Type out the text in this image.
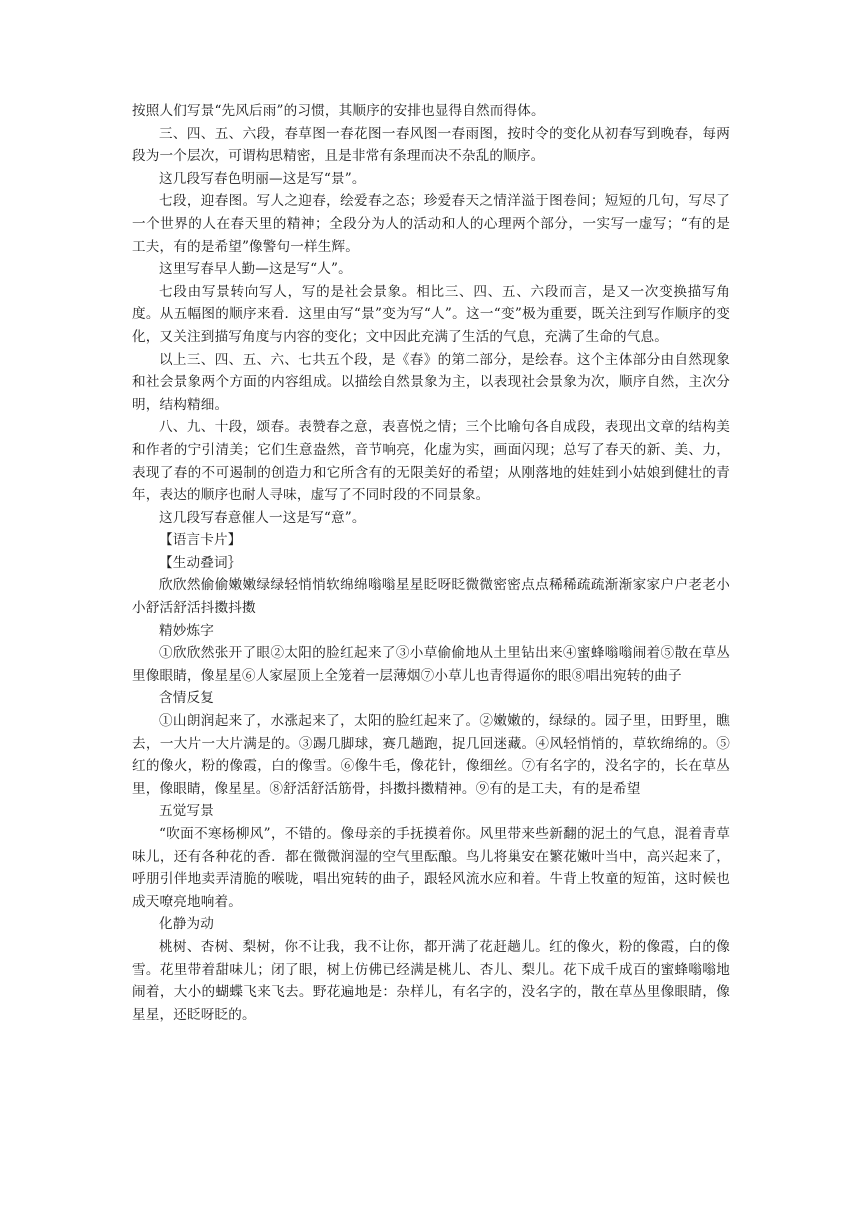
按照人们写景“先风后雨”的习惯，其顺序的安排也显得自然而得体。

三、四、五、六段，春草图一春花图一春风图一春雨图，按时令的变化从初春写到晚春，每两段为一个层次，可谓构思精密，且是非常有条理而决不杂乱的顺序。

这几段写春色明丽—这是写“景”。

七段，迎春图。写人之迎春，绘爱春之态；珍爱春天之情洋溢于图卷间；短短的几句，写尽了一个世界的人在春天里的精神；全段分为人的活动和人的心理两个部分，一实写一虚写；“有的是工夫，有的是希望”像警句一样生辉。

这里写春早人勤—这是写“人”。

七段由写景转向写人，写的是社会景象。相比三、四、五、六段而言，是又一次变换描写角度。从五幅图的顺序来看．这里由写“景”变为写“人”。这一“变”极为重要，既关注到写作顺序的变化，又关注到描写角度与内容的变化；文中因此充满了生活的气息，充满了生命的气息。

以上三、四、五、六、七共五个段，是《春》的第二部分，是绘春。这个主体部分由自然现象和社会景象两个方面的内容组成。以描绘自然景象为主，以表现社会景象为次，顺序自然，主次分明，结构精细。

八、九、十段，颂春。表赞春之意，表喜悦之情；三个比喻句各自成段，表现出文章的结构美和作者的宁引清美；它们生意盎然，音节响亮，化虚为实，画面闪现；总写了春天的新、美、力，表现了春的不可遏制的创造力和它所含有的无限美好的希望；从刚落地的娃娃到小姑娘到健壮的青年，表达的顺序也耐人寻味，虚写了不同时段的不同景象。

这几段写春意催人一这是写“意”。

【语言卡片】

【生动叠词｝

欣欣然偷偷嫩嫩绿绿轻悄悄软绵绵嗡嗡星星眨呀眨微微密密点点稀稀疏疏渐渐家家户户老老小小舒活舒活抖擞抖擞

精妙炼字

①欣欣然张开了眼②太阳的脸红起来了③小草偷偷地从土里钻出来④蜜蜂嗡嗡闹着⑤散在草丛里像眼睛，像星星⑥人家屋顶上全笼着一层薄烟⑦小草儿也青得逼你的眼⑧唱出宛转的曲子

含情反复

①山朗润起来了，水涨起来了，太阳的脸红起来了。②嫩嫩的，绿绿的。园子里，田野里，瞧去，一大片一大片满是的。③踢几脚球，赛几趟跑，捉几回迷藏。④风轻悄悄的，草软绵绵的。⑤红的像火，粉的像霞，白的像雪。⑥像牛毛，像花针，像细丝。⑦有名字的，没名字的，长在草丛里，像眼睛，像星星。⑧舒活舒活筋骨，抖擞抖擞精神。⑨有的是工夫，有的是希望

五觉写景

“吹面不寒杨柳风”，不错的。像母亲的手抚摸着你。风里带来些新翻的泥土的气息，混着青草味儿，还有各种花的香．都在微微润湿的空气里酝酿。鸟儿将巢安在繁花嫩叶当中，高兴起来了，呼朋引伴地卖弄清脆的喉咙，唱出宛转的曲子，跟轻风流水应和着。牛背上牧童的短笛，这时候也成天嘹亮地响着。

化静为动

桃树、杏树、梨树，你不让我，我不让你，都开满了花赶趟儿。红的像火，粉的像霞，白的像雪。花里带着甜味儿；闭了眼，树上仿佛已经满是桃儿、杏儿、梨儿。花下成千成百的蜜蜂嗡嗡地闹着，大小的蝴蝶飞来飞去。野花遍地是：杂样儿，有名字的，没名字的，散在草丛里像眼睛，像星星，还眨呀眨的。
